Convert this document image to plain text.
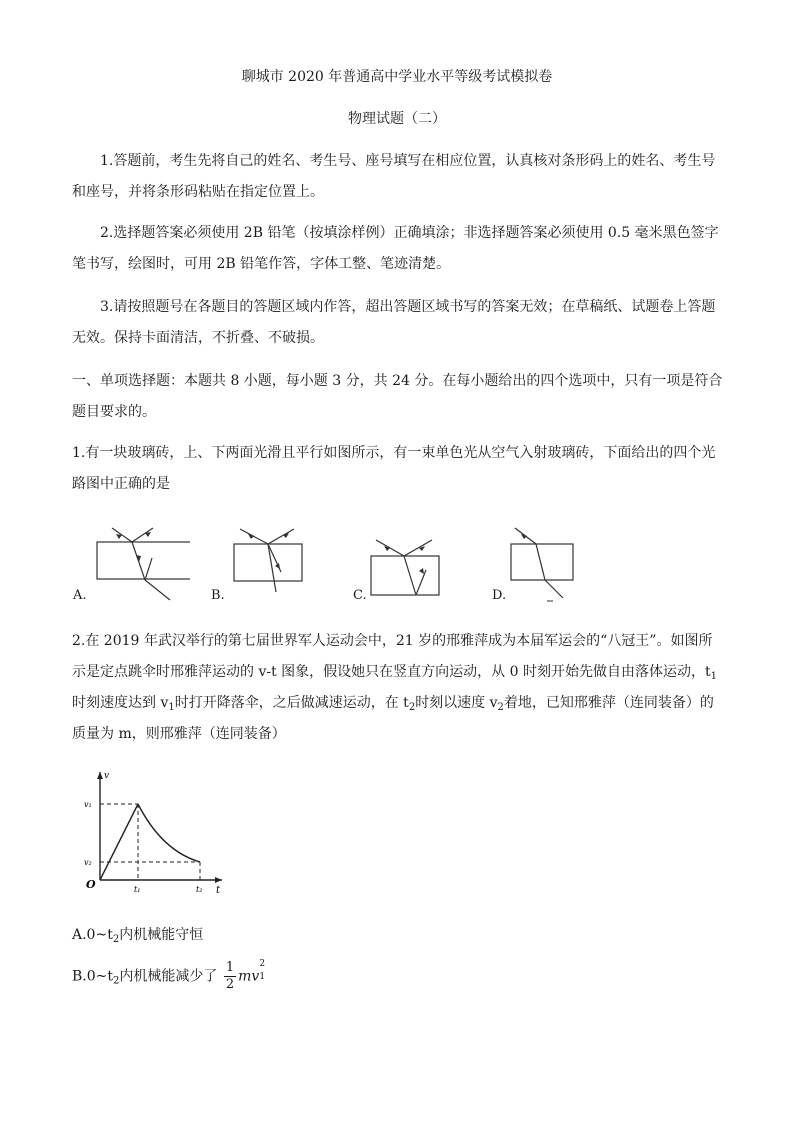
聊城市 2020 年普通高中学业水平等级考试模拟卷
物理试题（二）
1.答题前，考生先将自己的姓名、考生号、座号填写在相应位置，认真核对条形码上的姓名、考生号和座号，并将条形码粘贴在指定位置上。
2.选择题答案必须使用 2B 铅笔（按填涂样例）正确填涂；非选择题答案必须使用 0.5 毫米黑色签字笔书写，绘图时，可用 2B 铅笔作答，字体工整、笔迹清楚。
3.请按照题号在各题目的答题区域内作答，超出答题区域书写的答案无效；在草稿纸、试题卷上答题无效。保持卡面清洁，不折叠、不破损。
一、单项选择题：本题共 8 小题，每小题 3 分，共 24 分。在每小题给出的四个选项中，只有一项是符合题目要求的。
1.有一块玻璃砖，上、下两面光滑且平行如图所示，有一束单色光从空气入射玻璃砖，下面给出的四个光路图中正确的是
A.	B.	C.	D.
2.在 2019 年武汉举行的第七届世界军人运动会中，21 岁的邢雅萍成为本届军运会的“八冠王”。如图所示是定点跳伞时邢雅萍运动的 v-t 图象，假设她只在竖直方向运动，从 0 时刻开始先做自由落体运动，$t_1$时刻速度达到 $v_1$时打开降落伞，之后做减速运动，在 $t_2$时刻以速度 $v_2$着地，已知邢雅萍（连同装备）的质量为 m，则邢雅萍（连同装备）
v
t
O
v₁
v₂
t₁	t₂
$A.0\sim t_2$内机械能守恒
$B.0\sim t_2$内机械能减少了 $\frac{1}{2}$ mv
2
1
